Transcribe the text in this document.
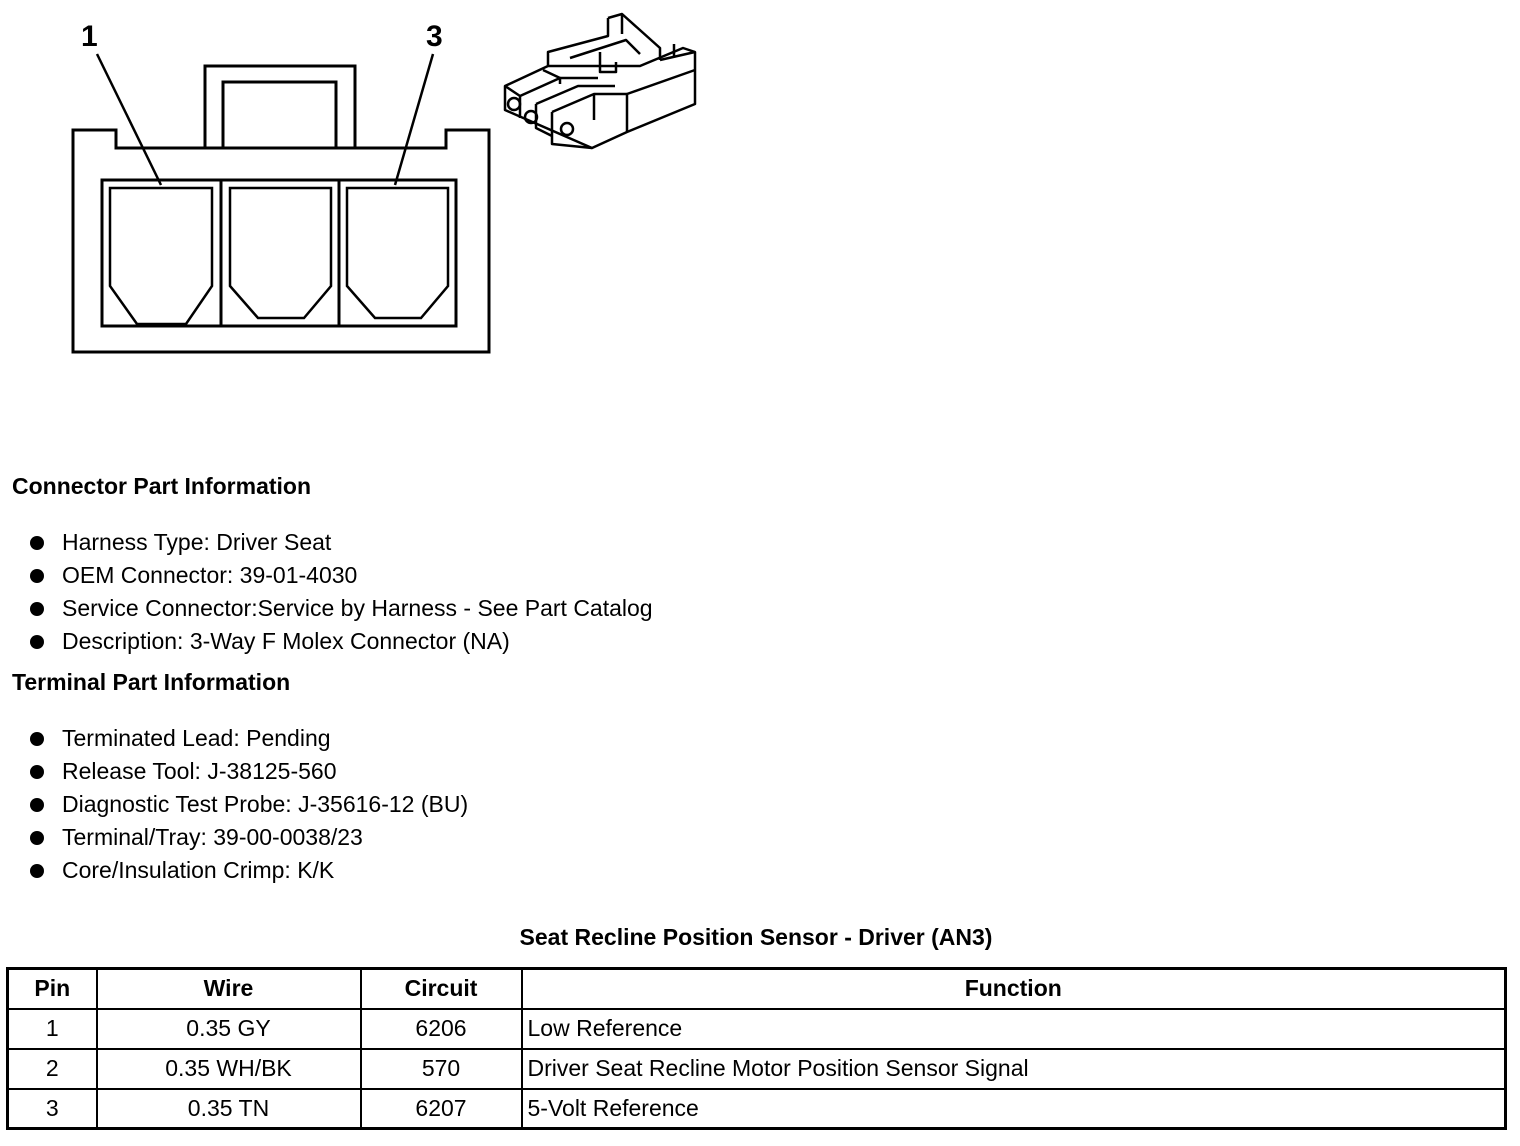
1	3
Connector Part Information
Harness Type: Driver Seat
OEM Connector: 39-01-4030
Service Connector:Service by Harness - See Part Catalog
Description: 3-Way F Molex Connector (NA)
Terminal Part Information
Terminated Lead: Pending
Release Tool: J-38125-560
Diagnostic Test Probe: J-35616-12 (BU)
Terminal/Tray: 39-00-0038/23
Core/Insulation Crimp: K/K
Seat Recline Position Sensor - Driver (AN3)
Pin	Wire	Circuit	Function
1	0.35 GY	6206	Low Reference
2	0.35 WH/BK	570	Driver Seat Recline Motor Position Sensor Signal
3	0.35 TN	6207	5-Volt Reference
